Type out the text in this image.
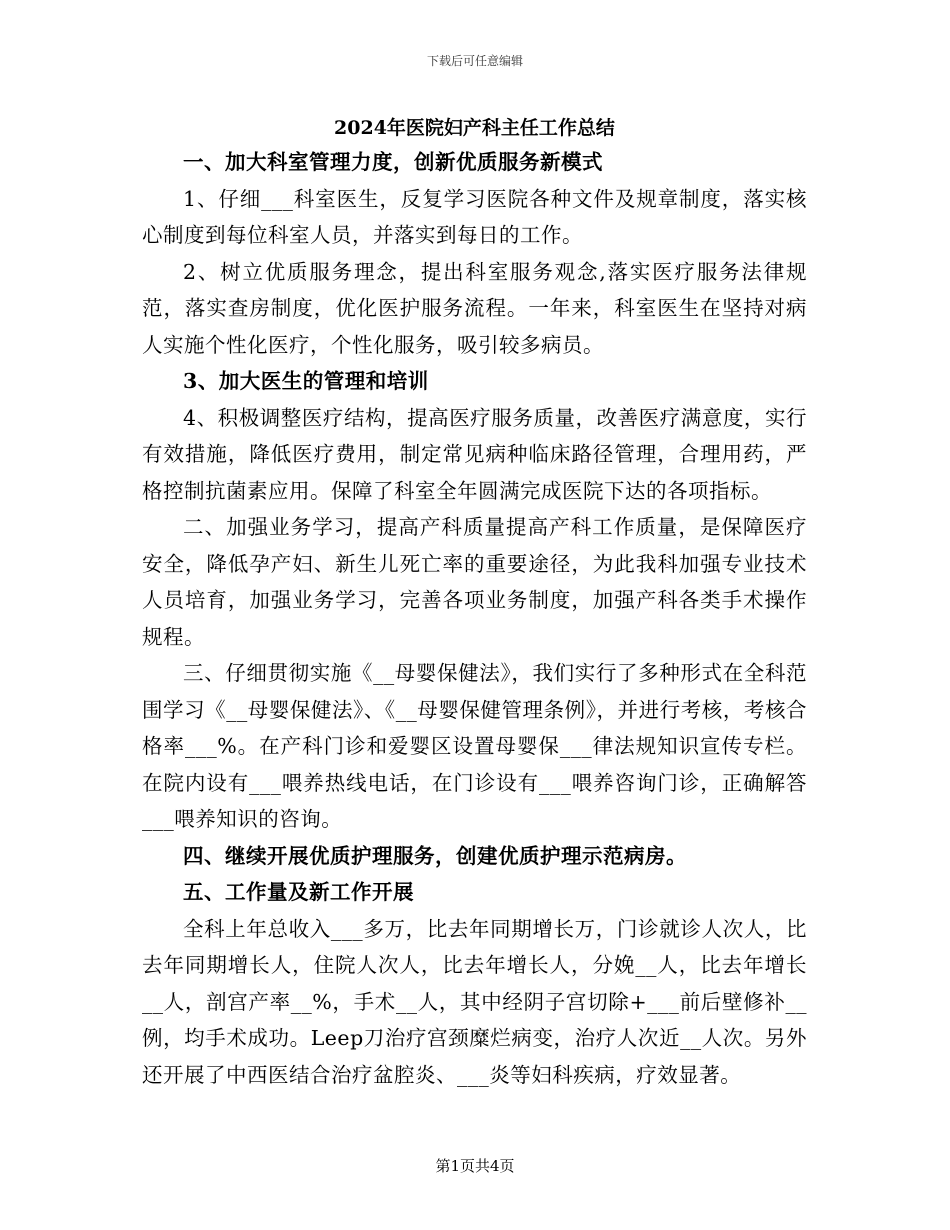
下载后可任意编辑
2024年医院妇产科主任工作总结

一、加大科室管理力度，创新优质服务新模式

1、仔细___科室医生，反复学习医院各种文件及规章制度，落实核心制度到每位科室人员，并落实到每日的工作。

2、树立优质服务理念，提出科室服务观念,落实医疗服务法律规范，落实查房制度，优化医护服务流程。一年来，科室医生在坚持对病人实施个性化医疗，个性化服务，吸引较多病员。

3、加大医生的管理和培训

4、积极调整医疗结构，提高医疗服务质量，改善医疗满意度，实行有效措施，降低医疗费用，制定常见病种临床路径管理，合理用药，严格控制抗菌素应用。保障了科室全年圆满完成医院下达的各项指标。

二、加强业务学习，提高产科质量提高产科工作质量，是保障医疗安全，降低孕产妇、新生儿死亡率的重要途径，为此我科加强专业技术人员培育，加强业务学习，完善各项业务制度，加强产科各类手术操作规程。

三、仔细贯彻实施《__母婴保健法》，我们实行了多种形式在全科范围学习《__母婴保健法》、《__母婴保健管理条例》，并进行考核，考核合格率___%。在产科门诊和爱婴区设置母婴保___律法规知识宣传专栏。在院内设有___喂养热线电话，在门诊设有___喂养咨询门诊，正确解答___喂养知识的咨询。

四、继续开展优质护理服务，创建优质护理示范病房。

五、工作量及新工作开展

全科上年总收入___多万，比去年同期增长万，门诊就诊人次人，比去年同期增长人，住院人次人，比去年增长人，分娩__人，比去年增长__人，剖宫产率__%，手术__人，其中经阴子宫切除+___前后壁修补__例，均手术成功。Leep刀治疗宫颈糜烂病变，治疗人次近__人次。另外还开展了中西医结合治疗盆腔炎、___炎等妇科疾病，疗效显著。

第1页共4页
